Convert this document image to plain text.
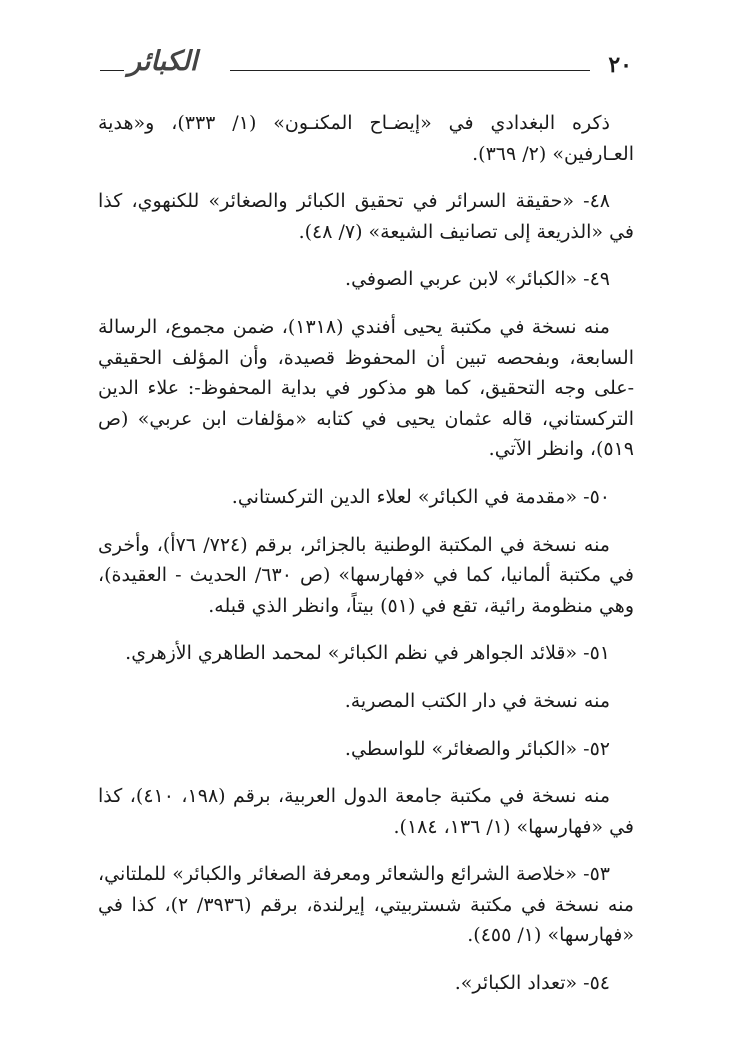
٢٠
الكبائر

ذكره البغدادي في «إيضـاح المكنـون» (١/ ٣٣٣)، و«هدية العـارفين» (٢/ ٣٦٩).

٤٨- «حقيقة السرائر في تحقيق الكبائر والصغائر» للكنهوي، كذا في «الذريعة إلى تصانيف الشيعة» (٧/ ٤٨).

٤٩- «الكبائر» لابن عربي الصوفي.

منه نسخة في مكتبة يحيى أفندي (١٣١٨)، ضمن مجموع، الرسالة السابعة، وبفحصه تبين أن المحفوظ قصيدة، وأن المؤلف الحقيقي -على وجه التحقيق، كما هو مذكور في بداية المحفوظ-: علاء الدين التركستاني، قاله عثمان يحيى في كتابه «مؤلفات ابن عربي» (ص ٥١٩)، وانظر الآتي.

٥٠- «مقدمة في الكبائر» لعلاء الدين التركستاني.

منه نسخة في المكتبة الوطنية بالجزائر، برقم (٧٢٤/ ٧٦أ)، وأخرى في مكتبة ألمانيا، كما في «فهارسها» (ص ٦٣٠/ الحديث - العقيدة)، وهي منظومة رائية، تقع في (٥١) بيتاً، وانظر الذي قبله.

٥١- «قلائد الجواهر في نظم الكبائر» لمحمد الطاهري الأزهري.

منه نسخة في دار الكتب المصرية.

٥٢- «الكبائر والصغائر» للواسطي.

منه نسخة في مكتبة جامعة الدول العربية، برقم (١٩٨، ٤١٠)، كذا في «فهارسها» (١/ ١٣٦، ١٨٤).

٥٣- «خلاصة الشرائع والشعائر ومعرفة الصغائر والكبائر» للملتاني، منه نسخة في مكتبة شستربيتي، إيرلندة، برقم (٣٩٣٦/ ٢)، كذا في «فهارسها» (١/ ٤٥٥).

٥٤- «تعداد الكبائر».
